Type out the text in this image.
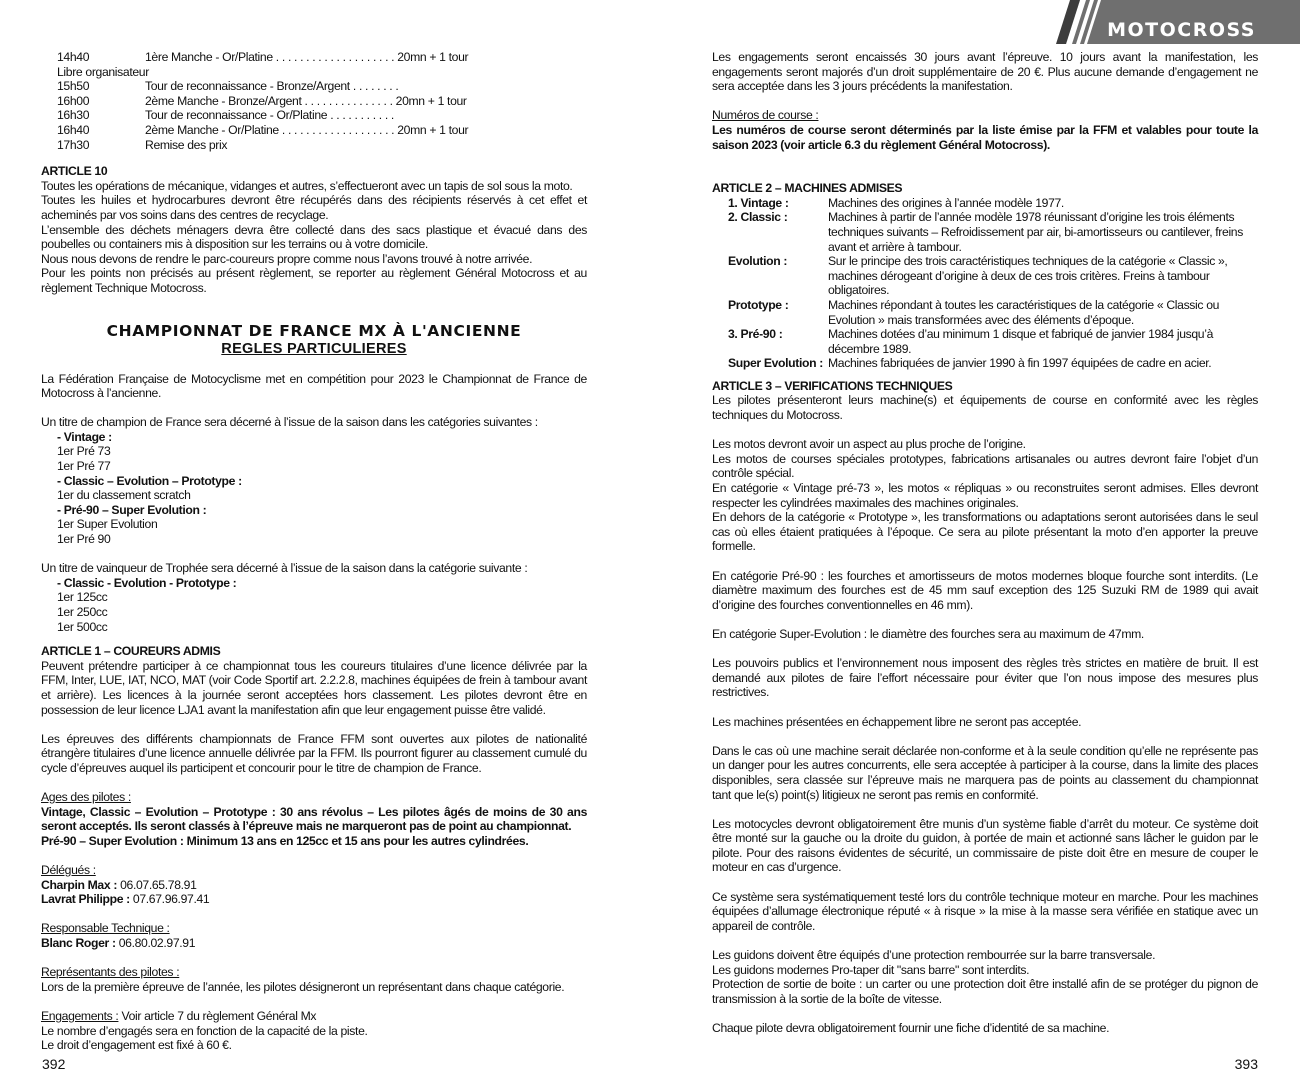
14h40	1ère Manche - Or/Platine . . . . . . . . . . . . . . . . . . . . 20mn + 1 tour
Libre organisateur
15h50	Tour de reconnaissance - Bronze/Argent . . . . . . . .
16h00	2ème Manche - Bronze/Argent . . . . . . . . . . . . . . . 20mn + 1 tour
16h30	Tour de reconnaissance - Or/Platine . . . . . . . . . . .
16h40	2ème Manche - Or/Platine . . . . . . . . . . . . . . . . . . . 20mn + 1 tour
17h30	Remise des prix

ARTICLE 10

Toutes les opérations de mécanique, vidanges et autres, s’effectueront avec un tapis de sol sous la moto.

Toutes les huiles et hydrocarbures devront être récupérés dans des récipients réservés à cet effet et acheminés par vos soins dans des centres de recyclage.

L’ensemble des déchets ménagers devra être collecté dans des sacs plastique et évacué dans des poubelles ou containers mis à disposition sur les terrains ou à votre domicile.

Nous nous devons de rendre le parc-coureurs propre comme nous l’avons trouvé à notre arrivée.

Pour les points non précisés au présent règlement, se reporter au règlement Général Motocross et au règlement Technique Motocross.

CHAMPIONNAT DE FRANCE MX À L'ANCIENNE
REGLES PARTICULIERES

La Fédération Française de Motocyclisme met en compétition pour 2023 le Championnat de France de Motocross à l’ancienne.

Un titre de champion de France sera décerné à l’issue de la saison dans les catégories suivantes :

- Vintage :

1er Pré 73

1er Pré 77

- Classic – Evolution – Prototype :

1er du classement scratch

- Pré-90 – Super Evolution :

1er Super Evolution

1er Pré 90

Un titre de vainqueur de Trophée sera décerné à l’issue de la saison dans la catégorie suivante :

- Classic - Evolution - Prototype :

1er 125cc

1er 250cc

1er 500cc

ARTICLE 1 – COUREURS ADMIS

Peuvent prétendre participer à ce championnat tous les coureurs titulaires d’une licence délivrée par la FFM, Inter, LUE, IAT, NCO, MAT (voir Code Sportif art. 2.2.2.8, machines équipées de frein à tambour avant et arrière). Les licences à la journée seront acceptées hors classement. Les pilotes devront être en possession de leur licence LJA1 avant la manifestation afin que leur engagement puisse être validé.

Les épreuves des différents championnats de France FFM sont ouvertes aux pilotes de nationalité étrangère titulaires d’une licence annuelle délivrée par la FFM. Ils pourront figurer au classement cumulé du cycle d’épreuves auquel ils participent et concourir pour le titre de champion de France.

Ages des pilotes :

Vintage, Classic – Evolution – Prototype : 30 ans révolus – Les pilotes âgés de moins de 30 ans seront acceptés. Ils seront classés à l’épreuve mais ne marqueront pas de point au championnat.

Pré-90 – Super Evolution : Minimum 13 ans en 125cc et 15 ans pour les autres cylindrées.

Délégués :

Charpin Max : 06.07.65.78.91

Lavrat Philippe : 07.67.96.97.41

Responsable Technique :

Blanc Roger : 06.80.02.97.91

Représentants des pilotes :

Lors de la première épreuve de l’année, les pilotes désigneront un représentant dans chaque catégorie.

Engagements : Voir article 7 du règlement Général Mx

Le nombre d’engagés sera en fonction de la capacité de la piste.

Le droit d’engagement est fixé à 60 €.

392
MOTOCROSS

Les engagements seront encaissés 30 jours avant l’épreuve. 10 jours avant la manifestation, les engagements seront majorés d’un droit supplémentaire de 20 €. Plus aucune demande d’engagement ne sera acceptée dans les 3 jours précédents la manifestation.

Numéros de course :

Les numéros de course seront déterminés par la liste émise par la FFM et valables pour toute la saison 2023 (voir article 6.3 du règlement Général Motocross).

ARTICLE 2 – MACHINES ADMISES

1. Vintage :	Machines des origines à l’année modèle 1977.
2. Classic :	Machines à partir de l’année modèle 1978 réunissant d’origine les trois éléments techniques suivants – Refroidissement par air, bi-amortisseurs ou cantilever, freins avant et arrière à tambour.
Evolution :	Sur le principe des trois caractéristiques techniques de la catégorie « Classic », machines dérogeant d’origine à deux de ces trois critères. Freins à tambour obligatoires.
Prototype :	Machines répondant à toutes les caractéristiques de la catégorie « Classic ou Evolution » mais transformées avec des éléments d’époque.
3. Pré-90 :	Machines dotées d’au minimum 1 disque et fabriqué de janvier 1984 jusqu’à décembre 1989.
Super Evolution : Machines fabriquées de janvier 1990 à fin 1997 équipées de cadre en acier.

ARTICLE 3 – VERIFICATIONS TECHNIQUES

Les pilotes présenteront leurs machine(s) et équipements de course en conformité avec les règles techniques du Motocross.

Les motos devront avoir un aspect au plus proche de l’origine.

Les motos de courses spéciales prototypes, fabrications artisanales ou autres devront faire l’objet d’un contrôle spécial.

En catégorie « Vintage pré-73 », les motos « répliquas » ou reconstruites seront admises. Elles devront respecter les cylindrées maximales des machines originales.

En dehors de la catégorie « Prototype », les transformations ou adaptations seront autorisées dans le seul cas où elles étaient pratiquées à l’époque. Ce sera au pilote présentant la moto d’en apporter la preuve formelle.

En catégorie Pré-90 : les fourches et amortisseurs de motos modernes bloque fourche sont interdits. (Le diamètre maximum des fourches est de 45 mm sauf exception des 125 Suzuki RM de 1989 qui avait d’origine des fourches conventionnelles en 46 mm).

En catégorie Super-Evolution : le diamètre des fourches sera au maximum de 47mm.

Les pouvoirs publics et l’environnement nous imposent des règles très strictes en matière de bruit. Il est demandé aux pilotes de faire l’effort nécessaire pour éviter que l’on nous impose des mesures plus restrictives.

Les machines présentées en échappement libre ne seront pas acceptée.

Dans le cas où une machine serait déclarée non-conforme et à la seule condition qu’elle ne représente pas un danger pour les autres concurrents, elle sera acceptée à participer à la course, dans la limite des places disponibles, sera classée sur l’épreuve mais ne marquera pas de points au classement du championnat tant que le(s) point(s) litigieux ne seront pas remis en conformité.

Les motocycles devront obligatoirement être munis d’un système fiable d’arrêt du moteur. Ce système doit être monté sur la gauche ou la droite du guidon, à portée de main et actionné sans lâcher le guidon par le pilote. Pour des raisons évidentes de sécurité, un commissaire de piste doit être en mesure de couper le moteur en cas d’urgence.

Ce système sera systématiquement testé lors du contrôle technique moteur en marche. Pour les machines équipées d’allumage électronique réputé « à risque » la mise à la masse sera vérifiée en statique avec un appareil de contrôle.

Les guidons doivent être équipés d’une protection rembourrée sur la barre transversale.

Les guidons modernes Pro-taper dit "sans barre" sont interdits.

Protection de sortie de boite : un carter ou une protection doit être installé afin de se protéger du pignon de transmission à la sortie de la boîte de vitesse.

Chaque pilote devra obligatoirement fournir une fiche d’identité de sa machine.

393
